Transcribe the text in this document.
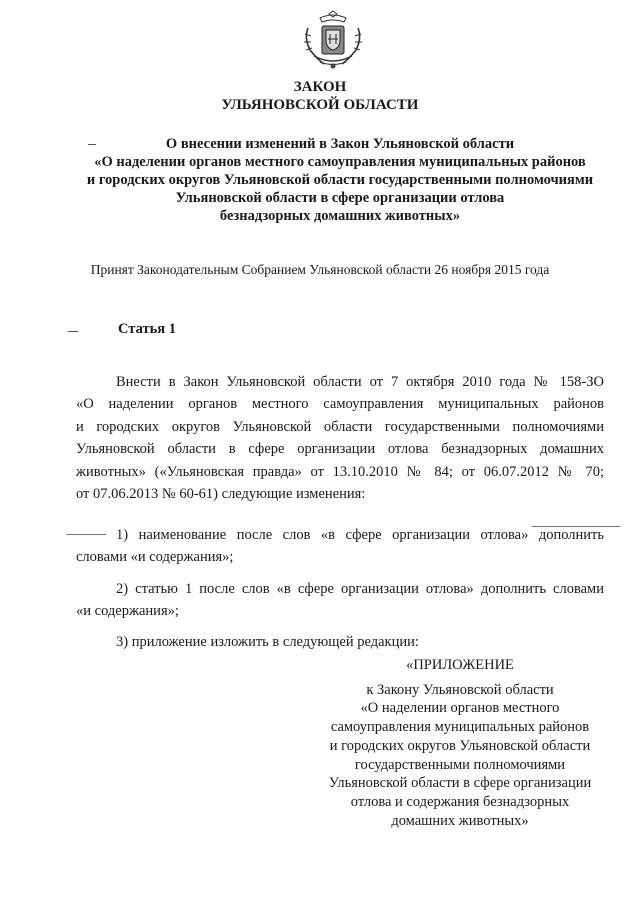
ЗАКОН
УЛЬЯНОВСКОЙ ОБЛАСТИ
О внесении изменений в Закон Ульяновской области
«О наделении органов местного самоуправления муниципальных районов
и городских округов Ульяновской области государственными полномочиями
Ульяновской области в сфере организации отлова
безнадзорных домашних животных»
Принят Законодательным Собранием Ульяновской области 26 ноября 2015 года
Статья 1
Внести в Закон Ульяновской области от 7 октября 2010 года № 158-ЗО
«О наделении органов местного самоуправления муниципальных районов
и городских округов Ульяновской области государственными полномочиями
Ульяновской области в сфере организации отлова безнадзорных домашних
животных» («Ульяновская правда» от 13.10.2010 № 84; от 06.07.2012 № 70;
от 07.06.2013 № 60-61) следующие изменения:
1) наименование после слов «в сфере организации отлова» дополнить
словами «и содержания»;
2) статью 1 после слов «в сфере организации отлова» дополнить словами
«и содержания»;
3) приложение изложить в следующей редакции:
«ПРИЛОЖЕНИЕ
к Закону Ульяновской области
«О наделении органов местного
самоуправления муниципальных районов
и городских округов Ульяновской области
государственными полномочиями
Ульяновской области в сфере организации
отлова и содержания безнадзорных
домашних животных»
